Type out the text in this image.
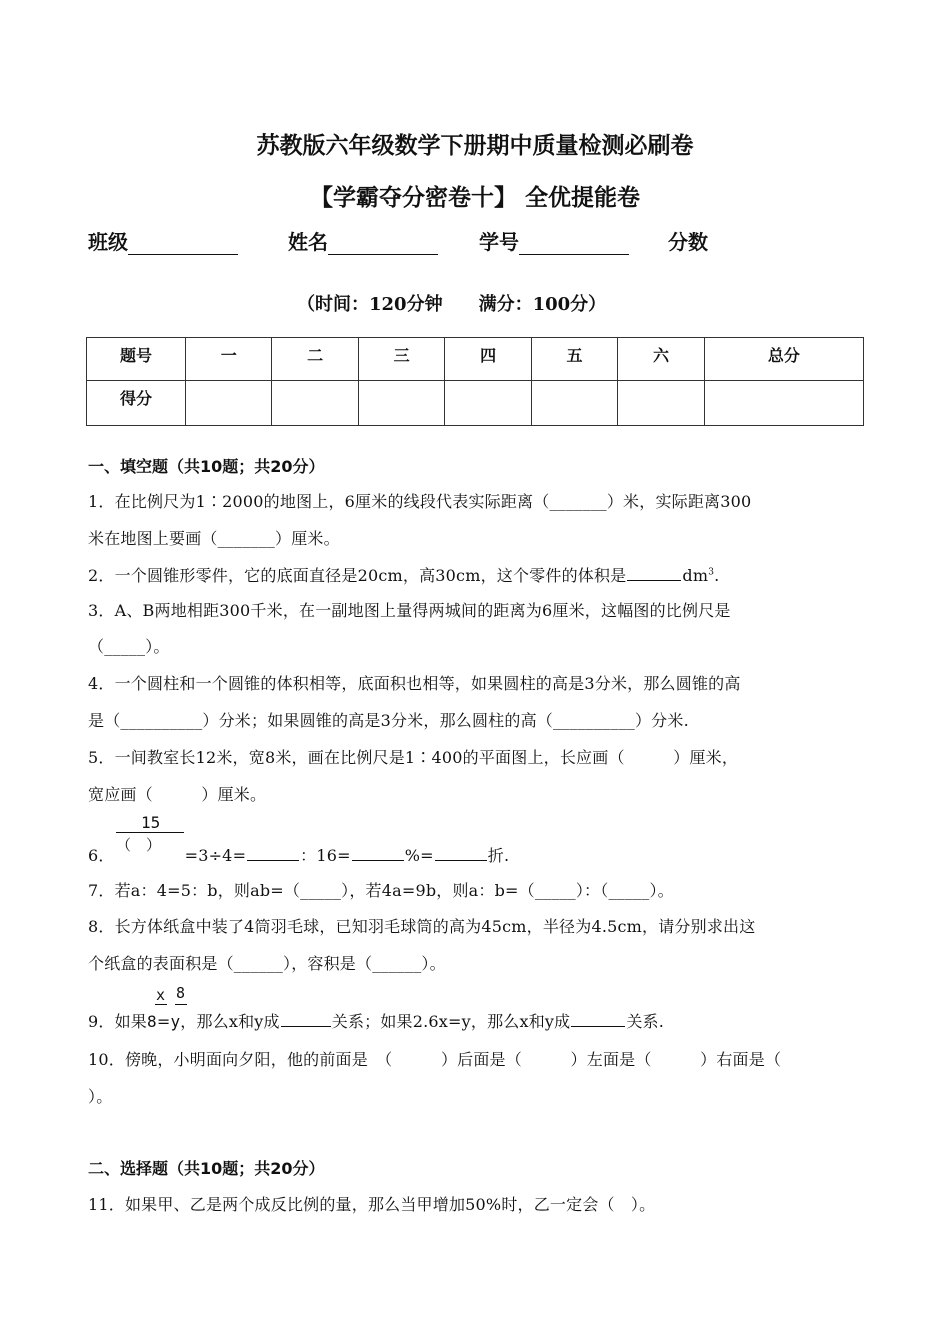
苏教版六年级数学下册期中质量检测必刷卷
【学霸夺分密卷十】 全优提能卷
班级	姓名	学号	分数
（时间：120分钟　　满分：100分）
题号	一	二	三	四	五	六	总分
得分							
一、填空题（共10题；共20分）
1．在比例尺为1∶2000的地图上，6厘米的线段代表实际距离（_______）米，实际距离300
米在地图上要画（_______）厘米。
2．一个圆锥形零件，它的底面直径是20cm，高30cm，这个零件的体积是	$dm^3$.
3．A、B两地相距300千米，在一副地图上量得两城间的距离为6厘米，这幅图的比例尺是
（_____）。
4．一个圆柱和一个圆锥的体积相等，底面积也相等，如果圆柱的高是3分米，那么圆锥的高
是（__________）分米；如果圆锥的高是3分米，那么圆柱的高（__________）分米.
5．一间教室长12米，宽8米，画在比例尺是1∶400的平面图上，长应画（　　　）厘米，
宽应画（　　　）厘米。
15
（　）
6．	=3÷4=	：16=	%=	折.
7．若a：4=5：b，则ab=（_____），若4a=9b，则a：b=（_____）：（_____）。
8．长方体纸盒中装了4筒羽毛球，已知羽毛球筒的高为45cm，半径为4.5cm，请分别求出这
个纸盒的表面积是（______），容积是（______）。
x 8
9．如果8=y，那么x和y成	关系；如果2.6x=y，那么x和y成	关系.
10．傍晚，小明面向夕阳，他的前面是　（　　　）后面是（　　　）左面是（　　　）右面是（
）。
二、选择题（共10题；共20分）
11．如果甲、乙是两个成反比例的量，那么当甲增加50%时，乙一定会（　）。
